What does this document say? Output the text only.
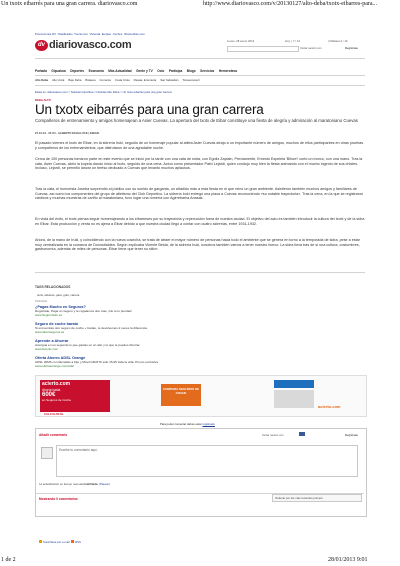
Un txotx eibarrés para una gran carrera. diariovasco.com	http://www.diariovasco.com/v/20130127/alto-deba/txotx-eibarres-para...
Promociones DV Clasificados Tuenti.com Vivienda Empleo Coches Vitoria-Moto.com
dv diariovasco.com	Lunes, 28 enero 2013	Hoy  | 7 / 12	| Mañana 4 / 10
Iniciar sesión con	Regístrate
Portada Gipuzkoa Deportes Economía Más Actualidad Gente y TV Ocio Participa Blogs Servicios Hemeroteca
Alto Deba Alto Urola Bajo Deba Bidasoa Comarca Costa Urola Pasaia- Errenteria San Sebastián Tolosa-Goierri
Estás en: diariovasco.com > Noticias Gipuzkoa > Noticias Alto Deba > Un txotx eibarrés para una gran carrera
DEBA ALTO
Un txotx eibarrés para una gran carrera
Compañeros de entrenamiento y amigos homenajean a Asier Cuevas. La apertura del txotx de Eibar constituye una fiesta de alegría y admiración al maratoniano Cuevas
27.01.13 - 01:04 - ALBERTO ECHALUCE | EIBAR.
El pasado viernes el txotx de Eibar, en la sidrería Iruki, seguido de un homenaje popular al atleta Asier Cuevas atrajo a un importante número de amigos, muchos de ellos participantes en otras pruebas y compañeros de los entrenamientos, que disfrutaron de una agradable noche.
Cerca de 100 personas tomaron parte en este evento que se inició por la tarde con una cata de sidra, con Egoitz Zapiain, Previamente, Ernesto Espelela 'Bihurri' cortó un tronco, con una mano. Tras la cata, Asier Cuevas, abrió la kupela dando inicio al txotx, seguido de una cena. Actuó como presentador Patxi Lejardi, quien condujo muy bien la fiesta animando con el mucho ingenio de sus chistes. Incluso, Lejardi, se permitió lanzar un bertso dedicado a Cuevas que levantó muchos aplausos.
Tras la cata, el humorista Joseba sorprendió al público con su sonido de garganta, un añadido más a esta fiesta en el que reinó un gran ambiente. Asistieron también muchos amigos y familiares de Cuevas, así como los componentes del grupo de atletismo del Club Deportivo. La sidrería Iruki entregó una placa a Cuevas reconociendo «su notable trayectoria». Tras la cena, en la que se registraron cánticos y muchas muestras de cariño al maratoniano, tuvo lugar una romería con Agirrebarha Anasak.
En vista del éxito, el txotx piensa seguir homenajeando a los eibarreses por su trayectoria y repercusión fuera de nuestra ciudad. El objetivo del acto es también introducir la cultura del txotx y de la sidra en Eibar. Esta producción y venta no es ajena a Eibar debido a que nuestra ciudad llegó a contar con cuatro sidrerías, entre 1931-1932.
Ahora, de la mano de Iruki, y coincidiendo con la nueva cosecha, se trata de atraer el mayor número de personas hacia todo el ambiente que se genera en torno a la temporada de sidra, pese a estar muy centralizada en la comarca de Donostialdea. Según explicaba Vicente Belda, de la sidrería Iruki, nosotros también vamos a tener nuestro hueco. La sidra lleva tras de sí una cultura, costumbres, gastronomía, además de miles de personas. Eibar tiene que tener su sitio».
TAGS RELACIONADOS
txotx, eibarres, para, gran, carrera
Publicidad
¿Pagas Mucho en Seguros?
Regístrate, Paga un seguro y te regalamos dos más. ¡No te lo pierdas!
www.SeguroNulo.es
Seguro de coche barato
Si encuentras otro seguro de coche + barato, te devolvemos 2 veces la diferencia.
www.directseguros.es
Aprende a Ahorrar
Averigua en un segundo lo que gastas en un año y lo que te puedes Ahorrar.
www.fintonic.com
Oferta Ahorro ADSL Orange
ADSL 20Mb con llamadas a Fijo y Móvil GRATIS sólo 15,95 toda la vida. Promo exclusiva
www.ofertasorange.com/Adsl
acierto.com
Ahorra hasta
600€
en Seguros de Coche
CALCULAR ÉL
COMPARA SEGUROS DE COCHE
acierto.com
Para poder comentar debes estar registrado
Añadir comentario	Iniciar sesión con	Regístrate
Escribe tu comentario aquí.
La actualización en tiempo real está habilitada. (Pausar)
Mostrando 0 comentarios	Ordenar por los más recientes primero
Suscríbete por e-mail RSS
1 de 2	28/01/2013 9:01
